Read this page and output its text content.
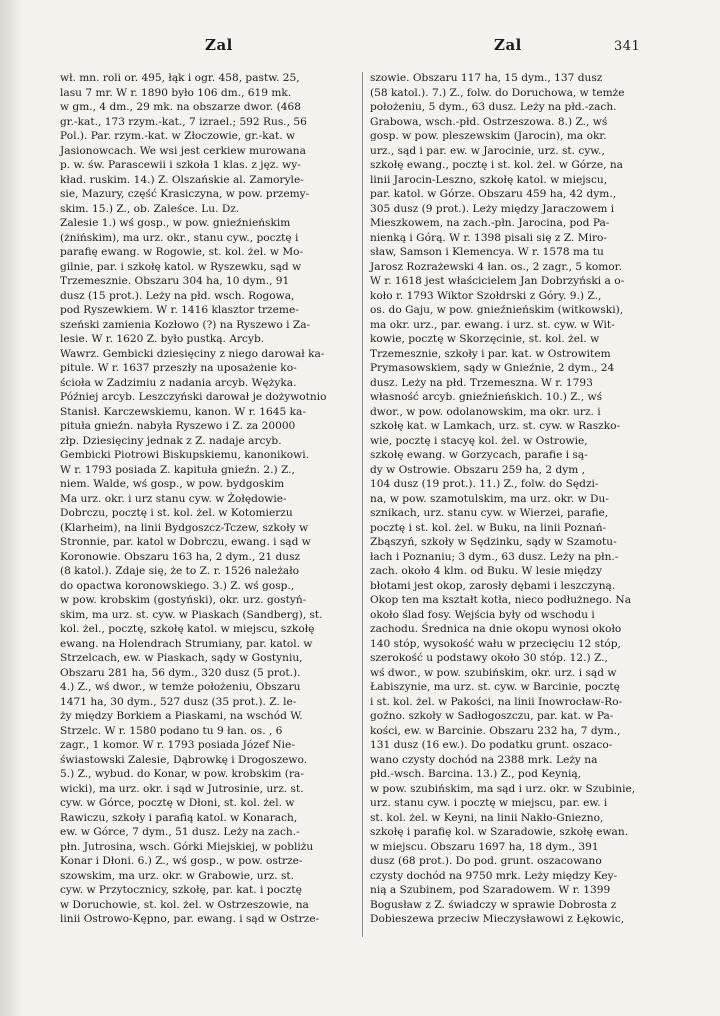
Zal	Zal	341

wł. mn. roli or. 495, łąk i ogr. 458, pastw. 25,
lasu 7 mr. W r. 1890 było 106 dm., 619 mk.
w gm., 4 dm., 29 mk. na obszarze dwor. (468
gr.-kat., 173 rzym.-kat., 7 izrael.; 592 Rus., 56
Pol.). Par. rzym.-kat. w Złoczowie, gr.-kat. w
Jasionowcach. We wsi jest cerkiew murowana
p. w. św. Parascewii i szkoła 1 klas. z jęz. wy-
kład. ruskim. 14.) Z. Olszańskie al. Zamoryle-
sie, Mazury, część Krasiczyna, w pow. przemy-
skim. 15.) Z., ob. Zaleśce. Lu. Dz.
Zalesie 1.) wś gosp., w pow. gnieźnieńskim
(żnińskim), ma urz. okr., stanu cyw., pocztę i
parafię ewang. w Rogowie, st. kol. żel. w Mo-
gilnie, par. i szkołę katol. w Ryszewku, sąd w
Trzemesznie. Obszaru 304 ha, 10 dym., 91
dusz (15 prot.). Leży na płd. wsch. Rogowa,
pod Ryszewkiem. W r. 1416 klasztor trzeme-
szeński zamienia Kozłowo (?) na Ryszewo i Za-
lesie. W r. 1620 Z. było pustką. Arcyb.
Wawrz. Gembicki dziesięciny z niego darował ka-
pitule. W r. 1637 przeszły na uposażenie ko-
ścioła w Zadzimiu z nadania arcyb. Wężyka.
Później arcyb. Leszczyński darował je dożywotnio
Stanisł. Karczewskiemu, kanon. W r. 1645 ka-
pituła gnieźn. nabyła Ryszewo i Z. za 20000
złp. Dziesięciny jednak z Z. nadaje arcyb.
Gembicki Piotrowi Biskupskiemu, kanonikowi.
W r. 1793 posiada Z. kapituła gnieźn. 2.) Z.,
niem. Walde, wś gosp., w pow. bydgoskim
Ma urz. okr. i urz stanu cyw. w Żołędowie-
Dobrczu, pocztę i st. kol. żel. w Kotomierzu
(Klarheim), na linii Bydgoszcz-Tczew, szkoły w
Stronnie, par. katol w Dobrczu, ewang. i sąd w
Koronowie. Obszaru 163 ha, 2 dym., 21 dusz
(8 katol.). Zdaje się, że to Z. r. 1526 należało
do opactwa koronowskiego. 3.) Z. wś gosp.,
w pow. krobskim (gostyński), okr. urz. gostyń-
skim, ma urz. st. cyw. w Piaskach (Sandberg), st.
kol. żel., pocztę, szkołę katol. w miejscu, szkołę
ewang. na Holendrach Strumiany, par. katol. w
Strzelcach, ew. w Piaskach, sądy w Gostyniu,
Obszaru 281 ha, 56 dym., 320 dusz (5 prot.).
4.) Z., wś dwor., w temże położeniu, Obszaru
1471 ha, 30 dym., 527 dusz (35 prot.). Z. le-
ży między Borkiem a Piaskami, na wschód W.
Strzelc. W r. 1580 podano tu 9 łan. os. , 6
zagr., 1 komor. W r. 1793 posiada Józef Nie-
świastowski Zalesie, Dąbrowkę i Drogoszewo.
5.) Z., wybud. do Konar, w pow. krobskim (ra-
wicki), ma urz. okr. i sąd w Jutrosinie, urz. st.
cyw. w Górce, pocztę w Dłoni, st. kol. żel. w
Rawiczu, szkoły i parafią katol. w Konarach,
ew. w Górce, 7 dym., 51 dusz. Leży na zach.-
płn. Jutrosina, wsch. Górki Miejskiej, w pobliżu
Konar i Dłoni. 6.) Z., wś gosp., w pow. ostrze-
szowskim, ma urz. okr. w Grabowie, urz. st.
cyw. w Przytocznicy, szkołę, par. kat. i pocztę
w Doruchowie, st. kol. żel. w Ostrzeszowie, na
linii Ostrowo-Kępno, par. ewang. i sąd w Ostrze-

szowie. Obszaru 117 ha, 15 dym., 137 dusz
(58 katol.). 7.) Z., folw. do Doruchowa, w temże
położeniu, 5 dym., 63 dusz. Leży na płd.-zach.
Grabowa, wsch.-płd. Ostrzeszowa. 8.) Z., wś
gosp. w pow. pleszewskim (Jarocin), ma okr.
urz., sąd i par. ew. w Jarocinie, urz. st. cyw.,
szkołę ewang., pocztę i st. kol. żel. w Górze, na
linii Jarocin-Leszno, szkołę katol. w miejscu,
par. katol. w Górze. Obszaru 459 ha, 42 dym.,
305 dusz (9 prot.). Leży między Jaraczowem i
Mieszkowem, na zach.-płn. Jarocina, pod Pa-
nienką i Górą. W r. 1398 pisali się z Z. Miro-
sław, Samson i Klemencya. W r. 1578 ma tu
Jarosz Rozrażewski 4 łan. os., 2 zagr., 5 komor.
W r. 1618 jest właścicielem Jan Dobrzyński a o-
koło r. 1793 Wiktor Szołdrski z Góry. 9.) Z.,
os. do Gaju, w pow. gnieźnieńskim (witkowski),
ma okr. urz., par. ewang. i urz. st. cyw. w Wit-
kowie, pocztę w Skorzęcinie, st. kol. żel. w
Trzemesznie, szkoły i par. kat. w Ostrowitem
Prymasowskiem, sądy w Gnieźnie, 2 dym., 24
dusz. Leży na płd. Trzemeszna. W r. 1793
własność arcyb. gnieźnieńskich. 10.) Z., wś
dwor., w pow. odolanowskim, ma okr. urz. i
szkołę kat. w Lamkach, urz. st. cyw. w Raszko-
wie, pocztę i stacyę kol. żel. w Ostrowie,
szkołę ewang. w Gorzycach, parafie i są-
dy w Ostrowie. Obszaru 259 ha, 2 dym ,
104 dusz (19 prot.). 11.) Z., folw. do Sędzi-
na, w pow. szamotulskim, ma urz. okr. w Du-
sznikach, urz. stanu cyw. w Wierzei, parafie,
pocztę i st. kol. żel. w Buku, na linii Poznań-
Zbąszyń, szkoły w Sędzinku, sądy w Szamotu-
łach i Poznaniu; 3 dym., 63 dusz. Leży na płn.-
zach. około 4 klm. od Buku. W lesie między
błotami jest okop, zarosły dębami i leszczyną.
Okop ten ma kształt kotła, nieco podłużnego. Na
około ślad fosy. Wejścia były od wschodu i
zachodu. Średnica na dnie okopu wynosi około
140 stóp, wysokość wału w przecięciu 12 stóp,
szerokość u podstawy około 30 stóp. 12.) Z.,
wś dwor., w pow. szubińskim, okr. urz. i sąd w
Łabiszynie, ma urz. st. cyw. w Barcinie, pocztę
i st. kol. żel. w Pakości, na linii Inowrocław-Ro-
goźno. szkoły w Sadłogoszczu, par. kat. w Pa-
kości, ew. w Barcinie. Obszaru 232 ha, 7 dym.,
131 dusz (16 ew.). Do podatku grunt. oszaco-
wano czysty dochód na 2388 mrk. Leży na
płd.-wsch. Barcina. 13.) Z., pod Keynią,
w pow. szubińskim, ma sąd i urz. okr. w Szubinie,
urz. stanu cyw. i pocztę w miejscu, par. ew. i
st. kol. żel. w Keyni, na linii Nakło-Gniezno,
szkołę i parafię kol. w Szaradowie, szkołę ewan.
w miejscu. Obszaru 1697 ha, 18 dym., 391
dusz (68 prot.). Do pod. grunt. oszacowano
czysty dochód na 9750 mrk. Leży między Key-
nią a Szubinem, pod Szaradowem. W r. 1399
Bogusław z Z. świadczy w sprawie Dobrosta z
Dobieszewa przeciw Mieczysławowi z Łękowic,
